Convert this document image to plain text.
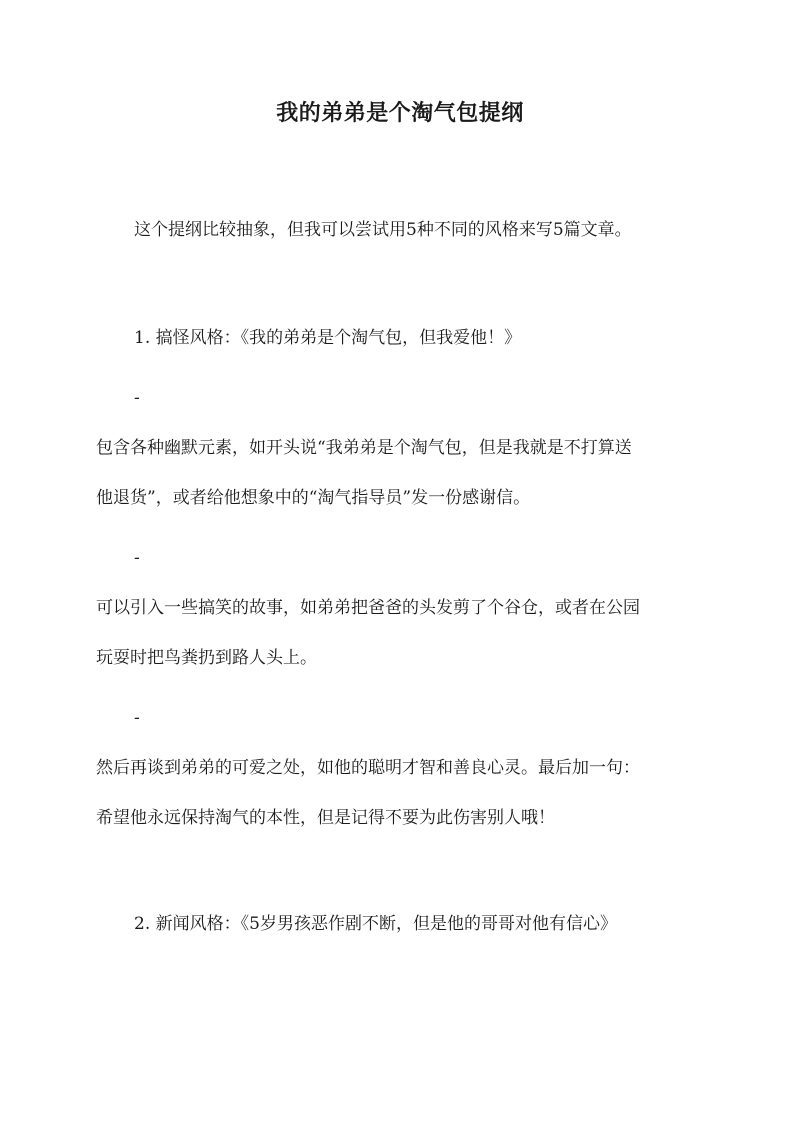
我的弟弟是个淘气包提纲
这个提纲比较抽象，但我可以尝试用5种不同的风格来写5篇文章。
1. 搞怪风格：《我的弟弟是个淘气包，但我爱他！》
-
包含各种幽默元素，如开头说“我弟弟是个淘气包，但是我就是不打算送
他退货”，或者给他想象中的“淘气指导员”发一份感谢信。
-
可以引入一些搞笑的故事，如弟弟把爸爸的头发剪了个谷仓，或者在公园
玩耍时把鸟粪扔到路人头上。
-
然后再谈到弟弟的可爱之处，如他的聪明才智和善良心灵。最后加一句：
希望他永远保持淘气的本性，但是记得不要为此伤害别人哦！
2. 新闻风格：《5岁男孩恶作剧不断，但是他的哥哥对他有信心》
